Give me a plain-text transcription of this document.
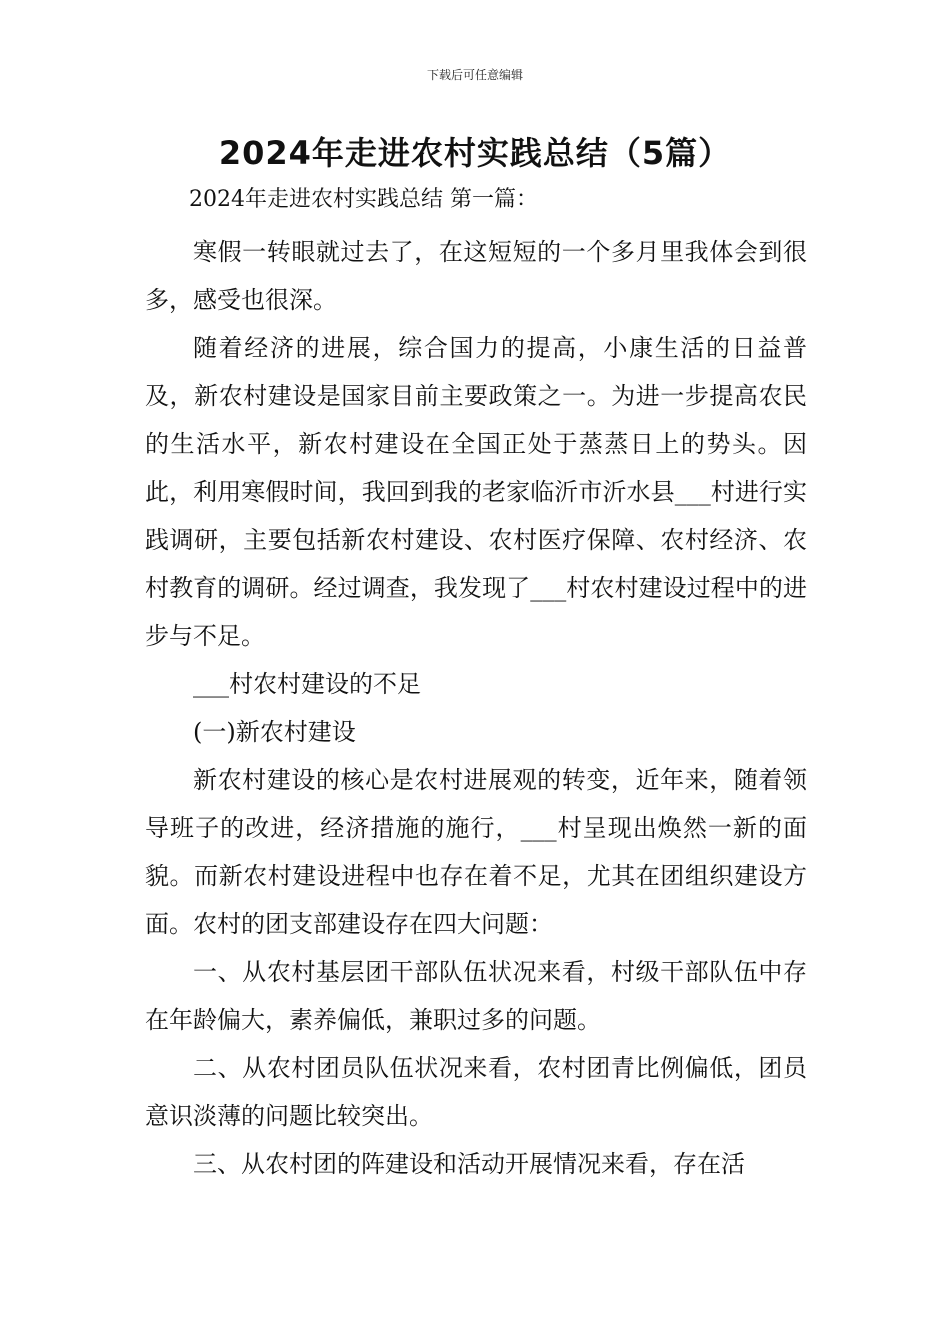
下载后可任意编辑
2024年走进农村实践总结（5篇）

2024年走进农村实践总结 第一篇：

寒假一转眼就过去了，在这短短的一个多月里我体会到很多，感受也很深。

随着经济的进展，综合国力的提高，小康生活的日益普及，新农村建设是国家目前主要政策之一。为进一步提高农民的生活水平，新农村建设在全国正处于蒸蒸日上的势头。因此，利用寒假时间，我回到我的老家临沂市沂水县___村进行实践调研，主要包括新农村建设、农村医疗保障、农村经济、农村教育的调研。经过调查，我发现了___村农村建设过程中的进步与不足。

___村农村建设的不足

(一)新农村建设

新农村建设的核心是农村进展观的转变，近年来，随着领导班子的改进，经济措施的施行，___村呈现出焕然一新的面貌。而新农村建设进程中也存在着不足，尤其在团组织建设方面。农村的团支部建设存在四大问题：

一、从农村基层团干部队伍状况来看，村级干部队伍中存在年龄偏大，素养偏低，兼职过多的问题。

二、从农村团员队伍状况来看，农村团青比例偏低，团员意识淡薄的问题比较突出。

三、从农村团的阵建设和活动开展情况来看，存在活
